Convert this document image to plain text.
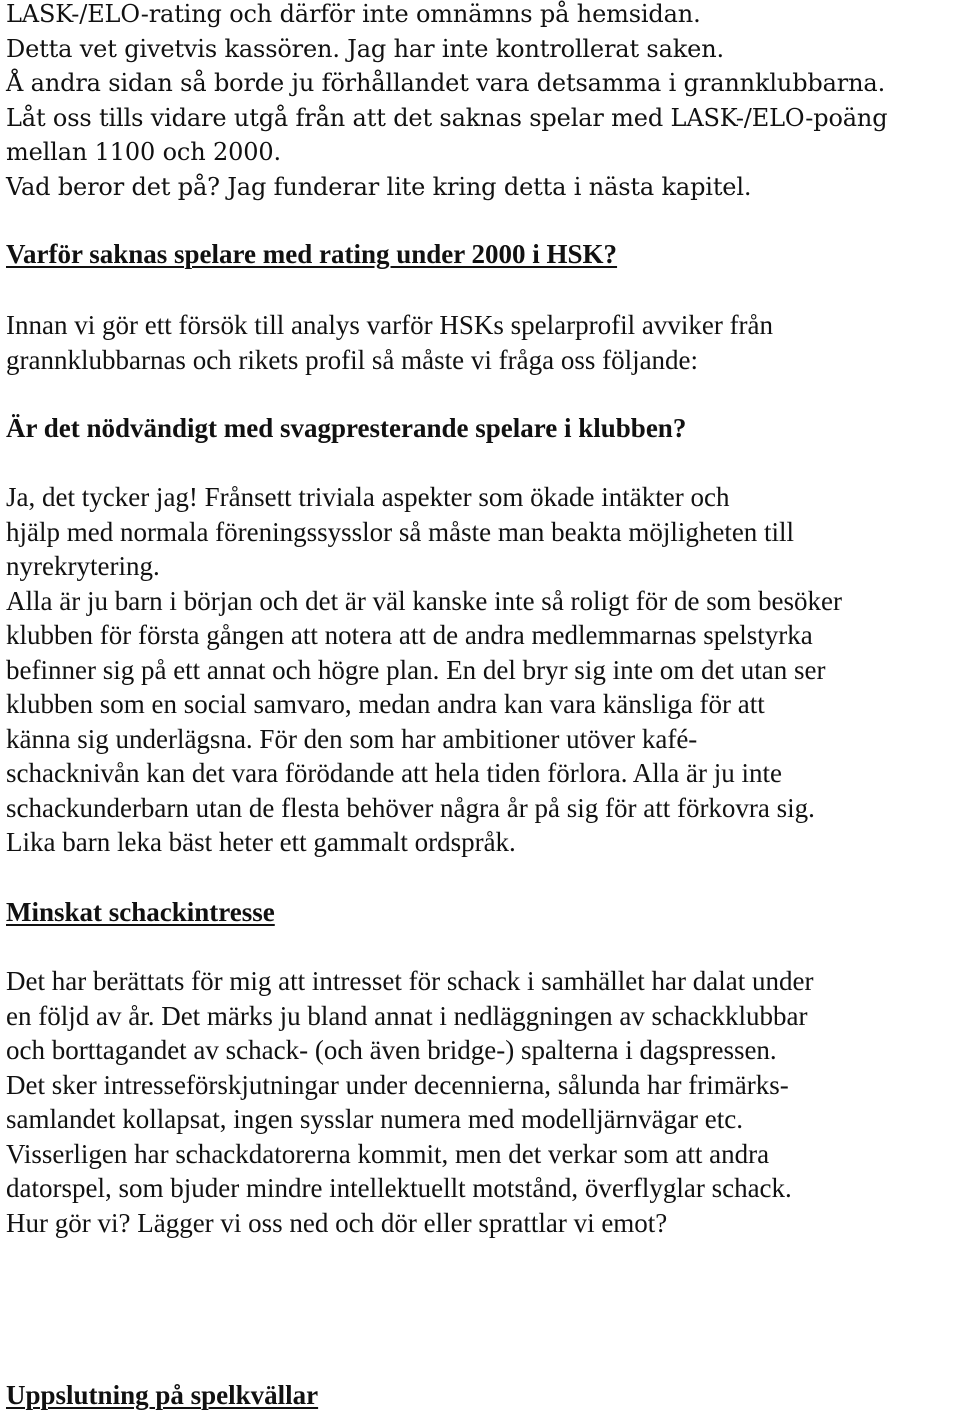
LASK-/ELO-rating och därför inte omnämns på hemsidan.

Detta vet givetvis kassören. Jag har inte kontrollerat saken.

Å andra sidan så borde ju förhållandet vara detsamma i grannklubbarna.

Låt oss tills vidare utgå från att det saknas spelar med LASK-/ELO-poäng

mellan 1100 och 2000.

Vad beror det på? Jag funderar lite kring detta i nästa kapitel.

Varför saknas spelare med rating under 2000 i HSK?

Innan vi gör ett försök till analys varför HSKs spelarprofil avviker från

grannklubbarnas och rikets profil så måste vi fråga oss följande:

Är det nödvändigt med svagpresterande spelare i klubben?

Ja, det tycker jag! Frånsett triviala aspekter som ökade intäkter och

hjälp med normala föreningssysslor så måste man beakta möjligheten till

nyrekrytering.

Alla är ju barn i början och det är väl kanske inte så roligt för de som besöker

klubben för första gången att notera att de andra medlemmarnas spelstyrka

befinner sig på ett annat och högre plan. En del bryr sig inte om det utan ser

klubben som en social samvaro, medan andra kan vara känsliga för att

känna sig underlägsna. För den som har ambitioner utöver kafé-

schacknivån kan det vara förödande att hela tiden förlora. Alla är ju inte

schackunderbarn utan de flesta behöver några år på sig för att förkovra sig.

Lika barn leka bäst heter ett gammalt ordspråk.

Minskat schackintresse

Det har berättats för mig att intresset för schack i samhället har dalat under

en följd av år. Det märks ju bland annat i nedläggningen av schackklubbar

och borttagandet av schack- (och även bridge-) spalterna i dagspressen.

Det sker intresseförskjutningar under decennierna, sålunda har frimärks-

samlandet kollapsat, ingen sysslar numera med modelljärnvägar etc.

Visserligen har schackdatorerna kommit, men det verkar som att andra

datorspel, som bjuder mindre intellektuellt motstånd, överflyglar schack.

Hur gör vi? Lägger vi oss ned och dör eller sprattlar vi emot?

Uppslutning på spelkvällar
